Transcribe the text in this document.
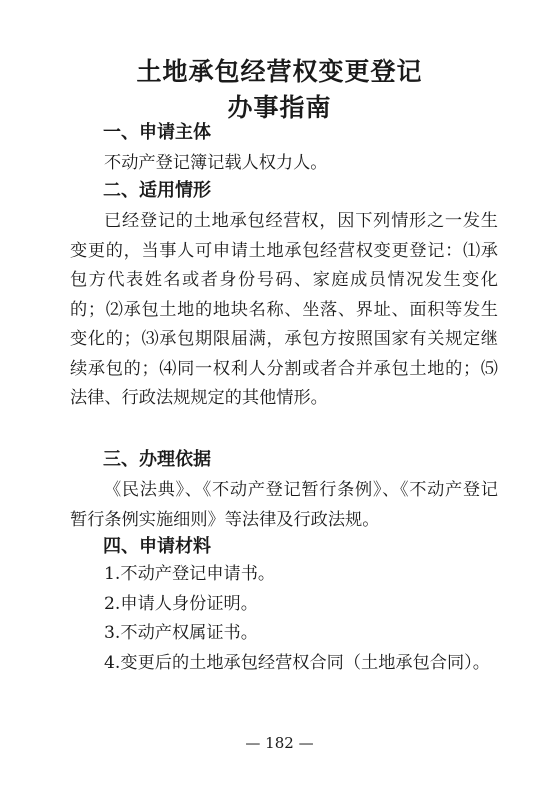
土地承包经营权变更登记
办事指南
一、申请主体
不动产登记簿记载人权力人。
二、适用情形
已经登记的土地承包经营权，因下列情形之一发生变更的，当事人可申请土地承包经营权变更登记：⑴承包方代表姓名或者身份号码、家庭成员情况发生变化的；⑵承包土地的地块名称、坐落、界址、面积等发生变化的；⑶承包期限届满，承包方按照国家有关规定继续承包的；⑷同一权利人分割或者合并承包土地的；⑸法律、行政法规规定的其他情形。
三、办理依据
《民法典》、《不动产登记暂行条例》、《不动产登记暂行条例实施细则》等法律及行政法规。
四、申请材料
1.不动产登记申请书。
2.申请人身份证明。
3.不动产权属证书。
4.变更后的土地承包经营权合同（土地承包合同）。
— 182 —
